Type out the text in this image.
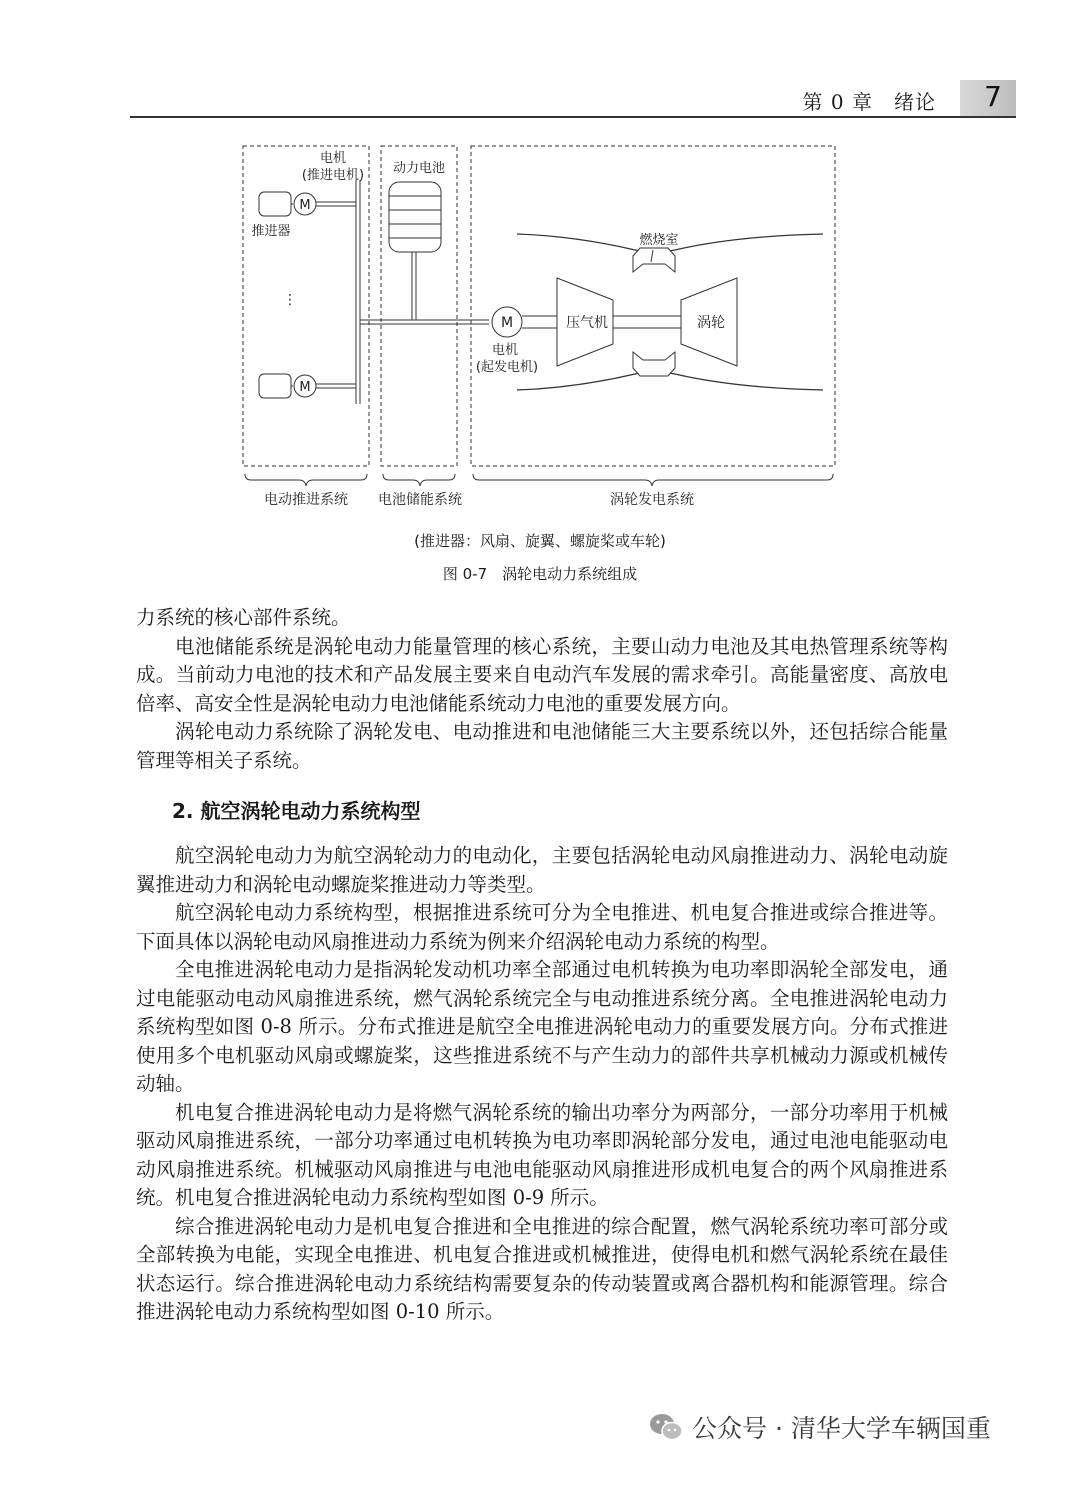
第 0 章　绪论 7
M
电机
(推进电机)
推进器
⋮
M
动力电池
M
电机
(起发电机)
燃烧室
压气机	涡轮
电动推进系统 电池储能系统	涡轮发电系统
(推进器：风扇、旋翼、螺旋桨或车轮)
图 0-7　涡轮电动力系统组成

力系统的核心部件系统。

电池储能系统是涡轮电动力能量管理的核心系统，主要山动力电池及其电热管理系统等构成。当前动力电池的技术和产品发展主要来自电动汽车发展的需求牵引。高能量密度、高放电倍率、高安全性是涡轮电动力电池储能系统动力电池的重要发展方向。

涡轮电动力系统除了涡轮发电、电动推进和电池储能三大主要系统以外，还包括综合能量管理等相关子系统。

2. 航空涡轮电动力系统构型

航空涡轮电动力为航空涡轮动力的电动化，主要包括涡轮电动风扇推进动力、涡轮电动旋翼推进动力和涡轮电动螺旋桨推进动力等类型。

航空涡轮电动力系统构型，根据推进系统可分为全电推进、机电复合推进或综合推进等。下面具体以涡轮电动风扇推进动力系统为例来介绍涡轮电动力系统的构型。

全电推进涡轮电动力是指涡轮发动机功率全部通过电机转换为电功率即涡轮全部发电，通过电能驱动电动风扇推进系统，燃气涡轮系统完全与电动推进系统分离。全电推进涡轮电动力系统构型如图 0-8 所示。分布式推进是航空全电推进涡轮电动力的重要发展方向。分布式推进使用多个电机驱动风扇或螺旋桨，这些推进系统不与产生动力的部件共享机械动力源或机械传动轴。

机电复合推进涡轮电动力是将燃气涡轮系统的输出功率分为两部分，一部分功率用于机械驱动风扇推进系统，一部分功率通过电机转换为电功率即涡轮部分发电，通过电池电能驱动电动风扇推进系统。机械驱动风扇推进与电池电能驱动风扇推进形成机电复合的两个风扇推进系统。机电复合推进涡轮电动力系统构型如图 0-9 所示。

综合推进涡轮电动力是机电复合推进和全电推进的综合配置，燃气涡轮系统功率可部分或全部转换为电能，实现全电推进、机电复合推进或机械推进，使得电机和燃气涡轮系统在最佳状态运行。综合推进涡轮电动力系统结构需要复杂的传动装置或离合器机构和能源管理。综合推进涡轮电动力系统构型如图 0-10 所示。

公众号 · 清华大学车辆国重
